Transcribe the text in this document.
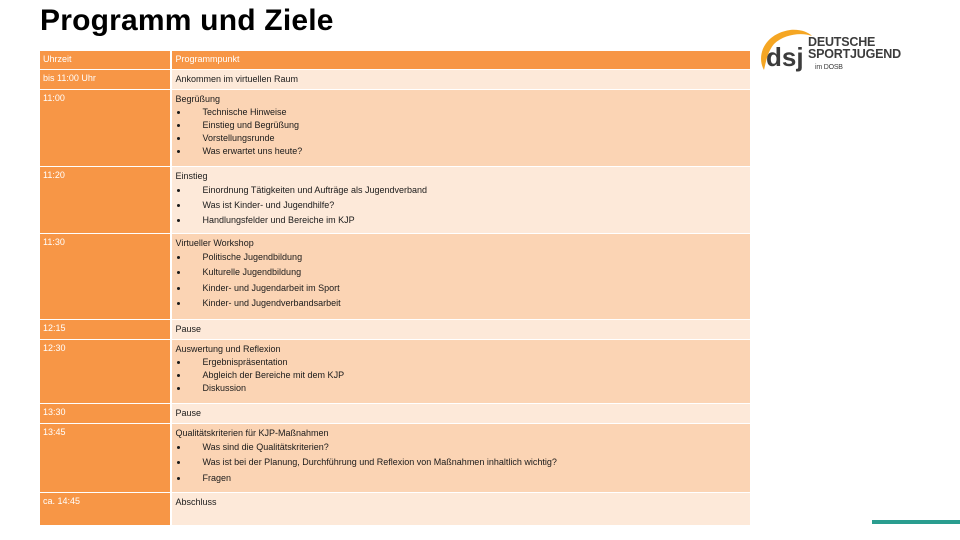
Programm und Ziele
dsj DEUTSCHE
SPORTJUGEND
im DOSB
Uhrzeit	Programmpunkt
bis 11:00 Uhr	Ankommen im virtuellen Raum
11:00	Begrüßung
Technische Hinweise
Einstieg und Begrüßung
Vorstellungsrunde
Was erwartet uns heute?
11:20	Einstieg
Einordnung Tätigkeiten und Aufträge als Jugendverband
Was ist Kinder- und Jugendhilfe?
Handlungsfelder und Bereiche im KJP
11:30	Virtueller Workshop
Politische Jugendbildung
Kulturelle Jugendbildung
Kinder- und Jugendarbeit im Sport
Kinder- und Jugendverbandsarbeit
12:15	Pause
12:30	Auswertung und Reflexion
Ergebnispräsentation
Abgleich der Bereiche mit dem KJP
Diskussion
13:30	Pause
13:45	Qualitätskriterien für KJP-Maßnahmen
Was sind die Qualitätskriterien?
Was ist bei der Planung, Durchführung und Reflexion von Maßnahmen inhaltlich wichtig?
Fragen
ca. 14:45	Abschluss
